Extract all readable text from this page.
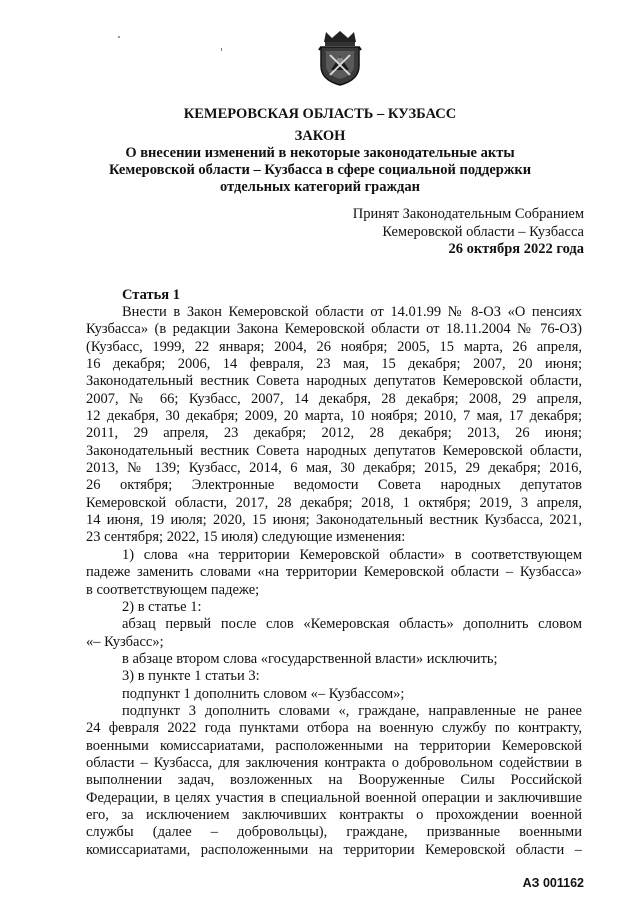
КЕМЕРОВСКАЯ ОБЛАСТЬ – КУЗБАСС
ЗАКОН
О внесении изменений в некоторые законодательные акты
Кемеровской области – Кузбасса в сфере социальной поддержки
отдельных категорий граждан
Принят Законодательным Собранием
Кемеровской области – Кузбасса
26 октября 2022 года
Статья 1
Внести в Закон Кемеровской области от 14.01.99 № 8-ОЗ «О пенсиях
Кузбасса» (в редакции Закона Кемеровской области от 18.11.2004 № 76-ОЗ)
(Кузбасс, 1999, 22 января; 2004, 26 ноября; 2005, 15 марта, 26 апреля,
16 декабря; 2006, 14 февраля, 23 мая, 15 декабря; 2007, 20 июня;
Законодательный вестник Совета народных депутатов Кемеровской области,
2007, № 66; Кузбасс, 2007, 14 декабря, 28 декабря; 2008, 29 апреля,
12 декабря, 30 декабря; 2009, 20 марта, 10 ноября; 2010, 7 мая, 17 декабря;
2011, 29 апреля, 23 декабря; 2012, 28 декабря; 2013, 26 июня;
Законодательный вестник Совета народных депутатов Кемеровской области,
2013, № 139; Кузбасс, 2014, 6 мая, 30 декабря; 2015, 29 декабря; 2016,
26 октября; Электронные ведомости Совета народных депутатов
Кемеровской области, 2017, 28 декабря; 2018, 1 октября; 2019, 3 апреля,
14 июня, 19 июля; 2020, 15 июня; Законодательный вестник Кузбасса, 2021,
23 сентября; 2022, 15 июля) следующие изменения:
1) слова «на территории Кемеровской области» в соответствующем
падеже заменить словами «на территории Кемеровской области – Кузбасса»
в соответствующем падеже;
2) в статье 1:
абзац первый после слов «Кемеровская область» дополнить словом
«– Кузбасс»;
в абзаце втором слова «государственной власти» исключить;
3) в пункте 1 статьи 3:
подпункт 1 дополнить словом «– Кузбассом»;
подпункт 3 дополнить словами «, граждане, направленные не ранее
24 февраля 2022 года пунктами отбора на военную службу по контракту,
военными комиссариатами, расположенными на территории Кемеровской
области – Кузбасса, для заключения контракта о добровольном содействии в
выполнении задач, возложенных на Вооруженные Силы Российской
Федерации, в целях участия в специальной военной операции и заключившие
его, за исключением заключивших контракты о прохождении военной
службы (далее – добровольцы), граждане, призванные военными
комиссариатами, расположенными на территории Кемеровской области –
АЗ 001162
